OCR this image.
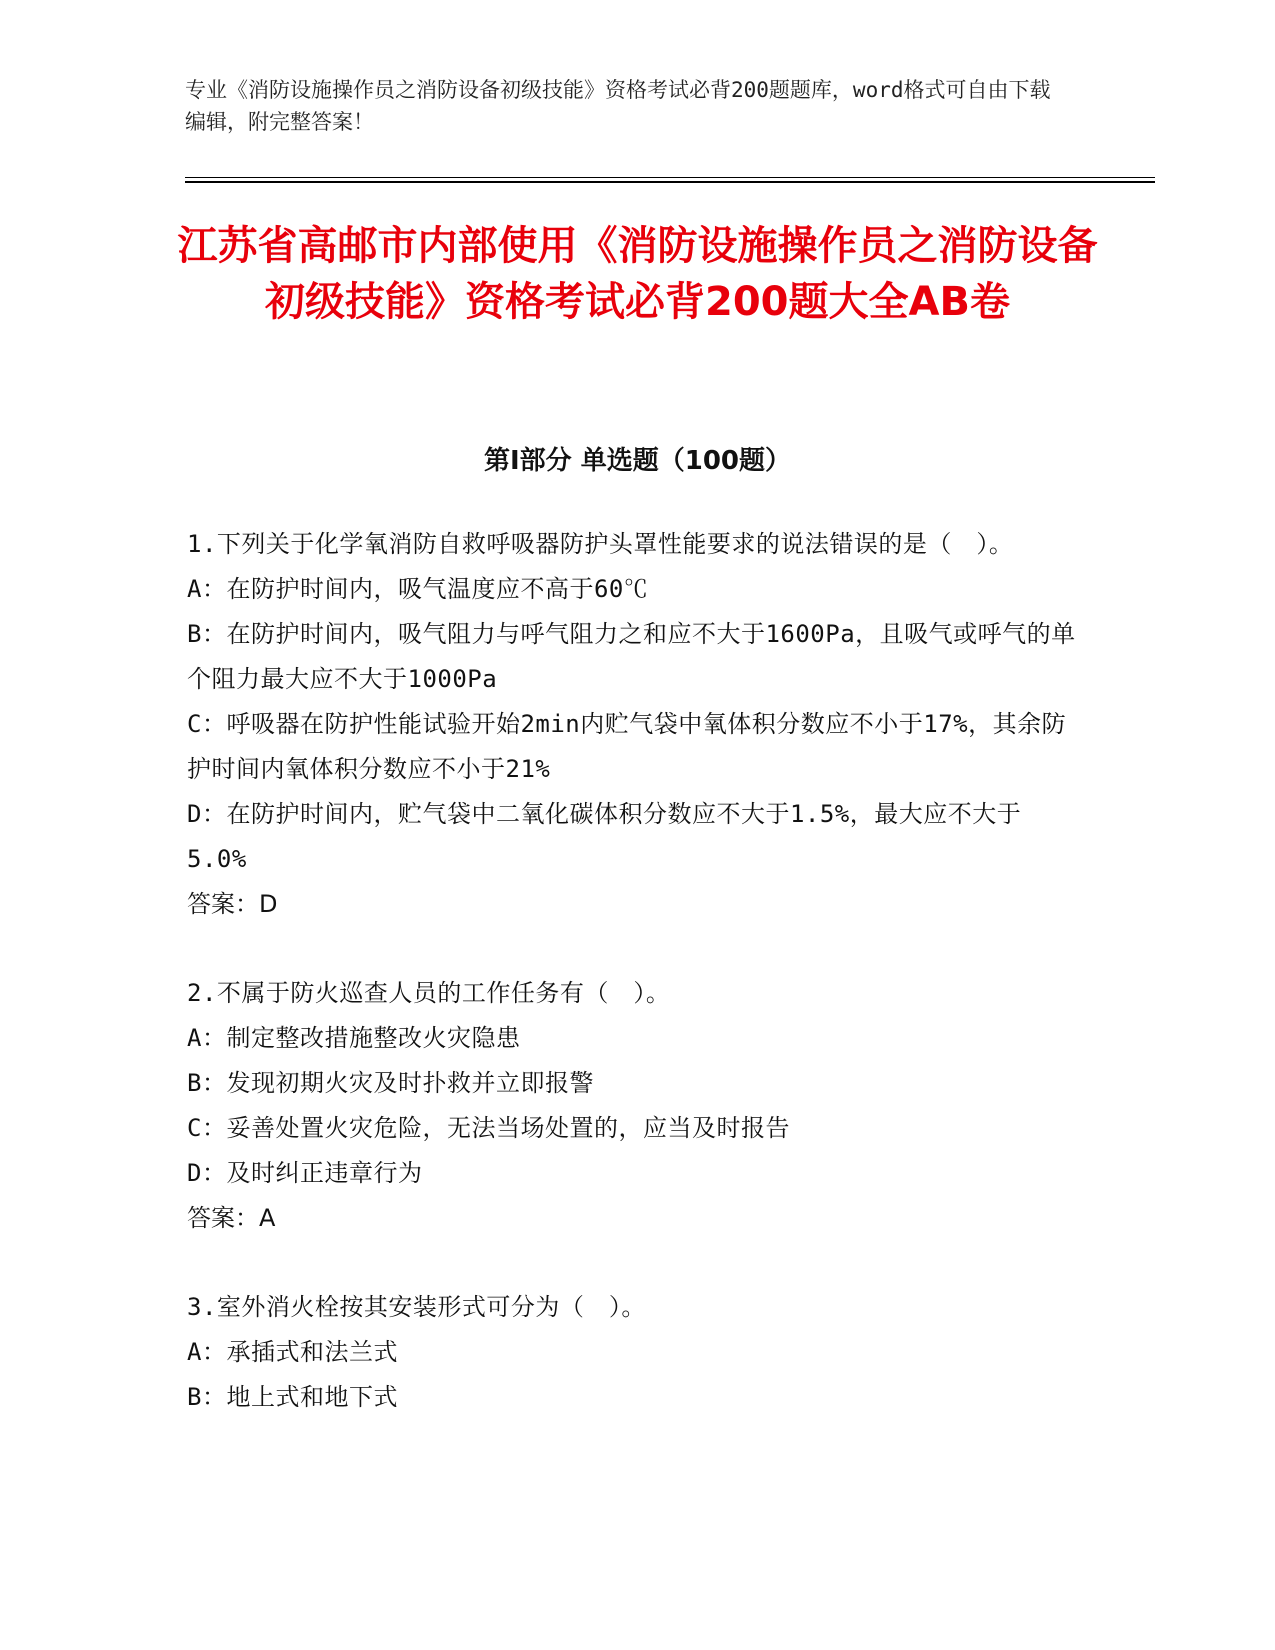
专业《消防设施操作员之消防设备初级技能》资格考试必背200题题库，word格式可自由下载编辑，附完整答案！
江苏省高邮市内部使用《消防设施操作员之消防设备初级技能》资格考试必背200题大全AB卷
第Ⅰ部分 单选题（100题）
1.下列关于化学氧消防自救呼吸器防护头罩性能要求的说法错误的是（　）。
A：在防护时间内，吸气温度应不高于60℃
B：在防护时间内，吸气阻力与呼气阻力之和应不大于1600Pa，且吸气或呼气的单个阻力最大应不大于1000Pa
C：呼吸器在防护性能试验开始2min内贮气袋中氧体积分数应不小于17%，其余防护时间内氧体积分数应不小于21%
D：在防护时间内，贮气袋中二氧化碳体积分数应不大于1.5%，最大应不大于5.0%
答案：D
2.不属于防火巡查人员的工作任务有（　）。
A：制定整改措施整改火灾隐患
B：发现初期火灾及时扑救并立即报警
C：妥善处置火灾危险，无法当场处置的，应当及时报告
D：及时纠正违章行为
答案：A
3.室外消火栓按其安装形式可分为（　）。
A：承插式和法兰式
B：地上式和地下式
